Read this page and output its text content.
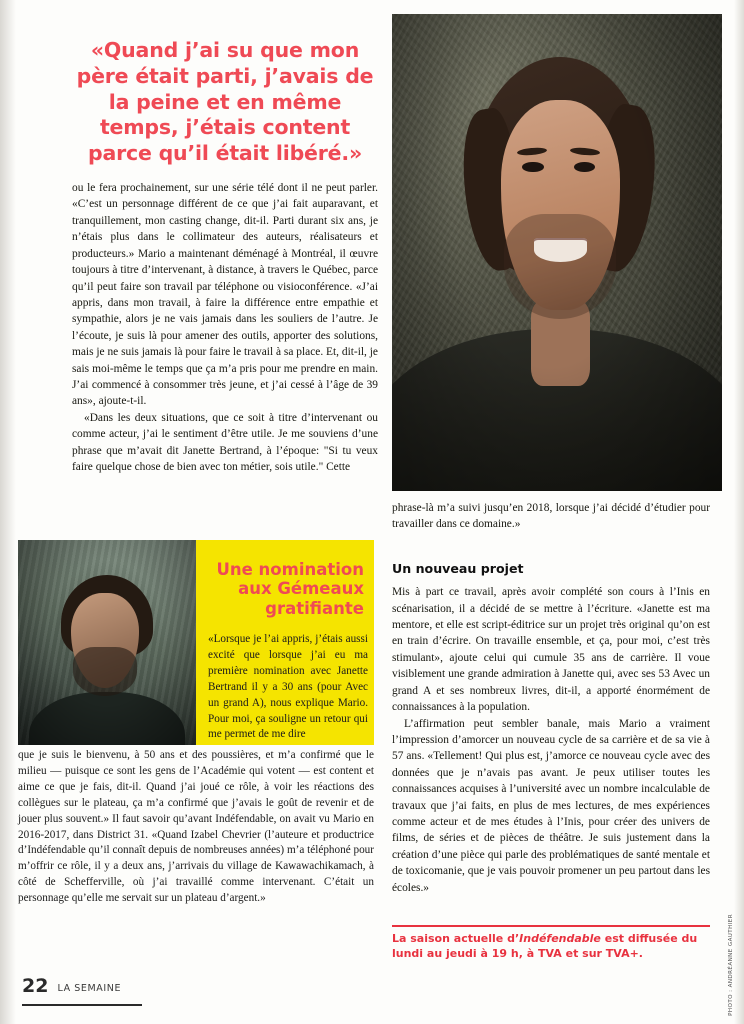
«Quand j’ai su que mon père était parti, j’avais de la peine et en même temps, j’étais content parce qu’il était libéré.»

ou le fera prochainement, sur une série télé dont il ne peut parler. «C’est un personnage différent de ce que j’ai fait auparavant, et tranquillement, mon casting change, dit-il. Parti durant six ans, je n’étais plus dans le collimateur des auteurs, réalisateurs et producteurs.» Mario a maintenant déménagé à Montréal, il œuvre toujours à titre d’intervenant, à distance, à travers le Québec, parce qu’il peut faire son travail par téléphone ou visioconférence. «J’ai appris, dans mon travail, à faire la différence entre empathie et sympathie, alors je ne vais jamais dans les souliers de l’autre. Je l’écoute, je suis là pour amener des outils, apporter des solutions, mais je ne suis jamais là pour faire le travail à sa place. Et, dit-il, je sais moi-même le temps que ça m’a pris pour me prendre en main. J’ai commencé à consommer très jeune, et j’ai cessé à l’âge de 39 ans», ajoute-t-il.

«Dans les deux situations, que ce soit à titre d’intervenant ou comme acteur, j’ai le sentiment d’être utile. Je me souviens d’une phrase que m’avait dit Janette Bertrand, à l’époque: "Si tu veux faire quelque chose de bien avec ton métier, sois utile." Cette

phrase-là m’a suivi jusqu’en 2018, lorsque j’ai décidé d’étudier pour travailler dans ce domaine.»

Un nouveau projet

Mis à part ce travail, après avoir complété son cours à l’Inis en scénarisation, il a décidé de se mettre à l’écriture. «Janette est ma mentore, et elle est script-éditrice sur un projet très original qu’on est en train d’écrire. On travaille ensemble, et ça, pour moi, c’est très stimulant», ajoute celui qui cumule 35 ans de carrière. Il voue visiblement une grande admiration à Janette qui, avec ses 53 Avec un grand A et ses nombreux livres, dit-il, a apporté énormément de connaissances à la population.

L’affirmation peut sembler banale, mais Mario a vraiment l’impression d’amorcer un nouveau cycle de sa carrière et de sa vie à 57 ans. «Tellement! Qui plus est, j’amorce ce nouveau cycle avec des données que je n’avais pas avant. Je peux utiliser toutes les connaissances acquises à l’université avec un nombre incalculable de travaux que j’ai faits, en plus de mes lectures, de mes expériences comme acteur et de mes études à l’Inis, pour créer des univers de films, de séries et de pièces de théâtre. Je suis justement dans la création d’une pièce qui parle des problématiques de santé mentale et de toxicomanie, que je vais pouvoir promener un peu partout dans les écoles.»

Une nomination aux Gémeaux gratifiante
«Lorsque je l’ai appris, j’étais aussi excité que lorsque j’ai eu ma première nomination avec Janette Bertrand il y a 30 ans (pour Avec un grand A), nous explique Mario. Pour moi, ça souligne un retour qui me permet de me dire
que je suis le bienvenu, à 50 ans et des poussières, et m’a confirmé que le milieu — puisque ce sont les gens de l’Académie qui votent — est content et aime ce que je fais, dit-il. Quand j’ai joué ce rôle, à voir les réactions des collègues sur le plateau, ça m’a confirmé que j’avais le goût de revenir et de jouer plus souvent.» Il faut savoir qu’avant Indéfendable, on avait vu Mario en 2016-2017, dans District 31. «Quand Izabel Chevrier (l’auteure et productrice d’Indéfendable qu’il connaît depuis de nombreuses années) m’a téléphoné pour m’offrir ce rôle, il y a deux ans, j’arrivais du village de Kawawachikamach, à côté de Schefferville, où j’ai travaillé comme intervenant. C’était un personnage qu’elle me servait sur un plateau d’argent.»
La saison actuelle d’Indéfendable est diffusée du lundi au jeudi à 19 h, à TVA et sur TVA+.	PHOTO : ANDRÉANNE GAUTHIER
22 LA SEMAINE
